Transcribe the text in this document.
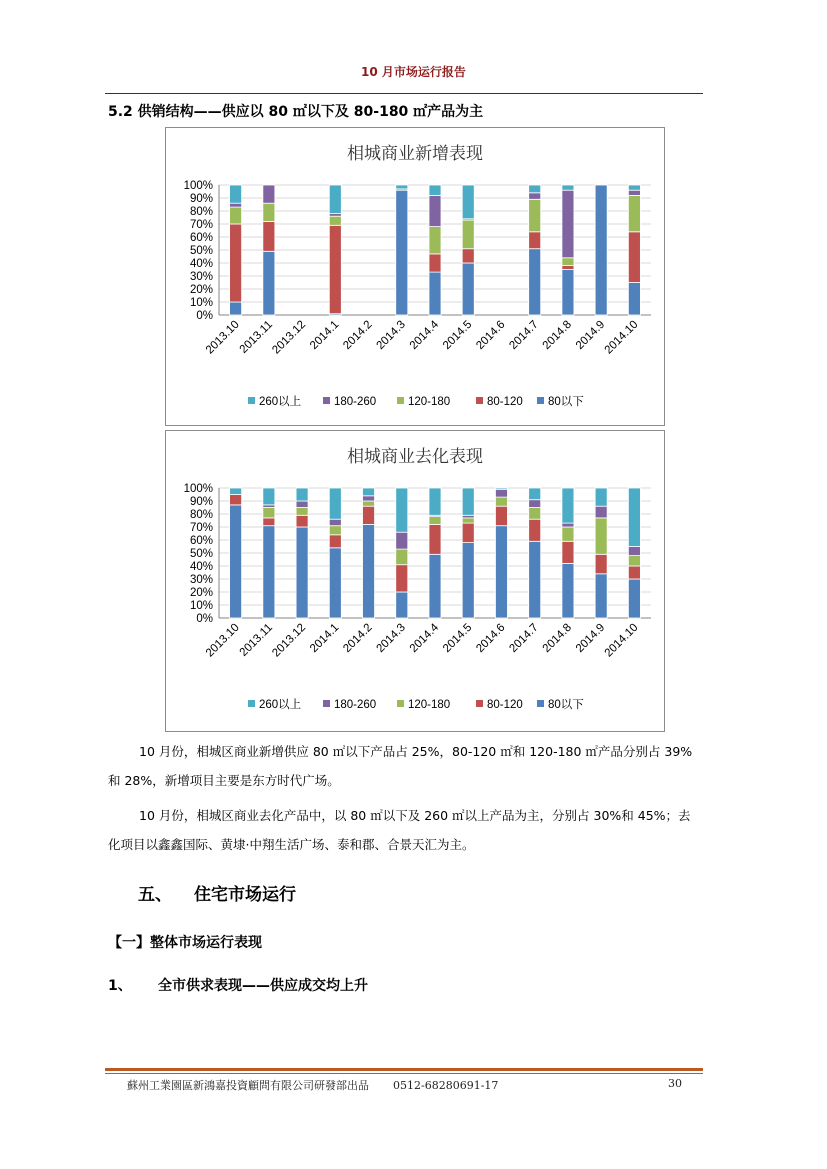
10 月市场运行报告
5.2 供销结构——供应以 80 ㎡以下及 80-180 ㎡产品为主
相城商业新增表现
0%
10%
20%
30%
40%
50%
60%
70%
80%
90%
100%
2013.10
2013.11
2013.12 2014.1 2014.2 2014.3 2014.4 2014.5 2014.6 2014.7 2014.8 2014.9
2014.10
260以上	180-260	120-180	80-120 80以下
相城商业去化表现
0%
10%
20%
30%
40%
50%
60%
70%
80%
90%
100%
2013.10
2013.11
2013.12 2014.1 2014.2 2014.3 2014.4 2014.5 2014.6 2014.7 2014.8 2014.9
2014.10
260以上	180-260	120-180	80-120 80以下

10 月份，相城区商业新增供应 80 ㎡以下产品占 25%，80-120 ㎡和 120-180 ㎡产品分别占 39%和 28%，新增项目主要是东方时代广场。

10 月份，相城区商业去化产品中，以 80 ㎡以下及 260 ㎡以上产品为主，分别占 30%和 45%；去化项目以鑫鑫国际、黄埭·中翔生活广场、泰和郡、合景天汇为主。

五、 住宅市场运行
【一】整体市场运行表现
1、 全市供求表现——供应成交均上升
蘇州工業園區新鴻嘉投資顧問有限公司研發部出品 0512-68280691-17	30
